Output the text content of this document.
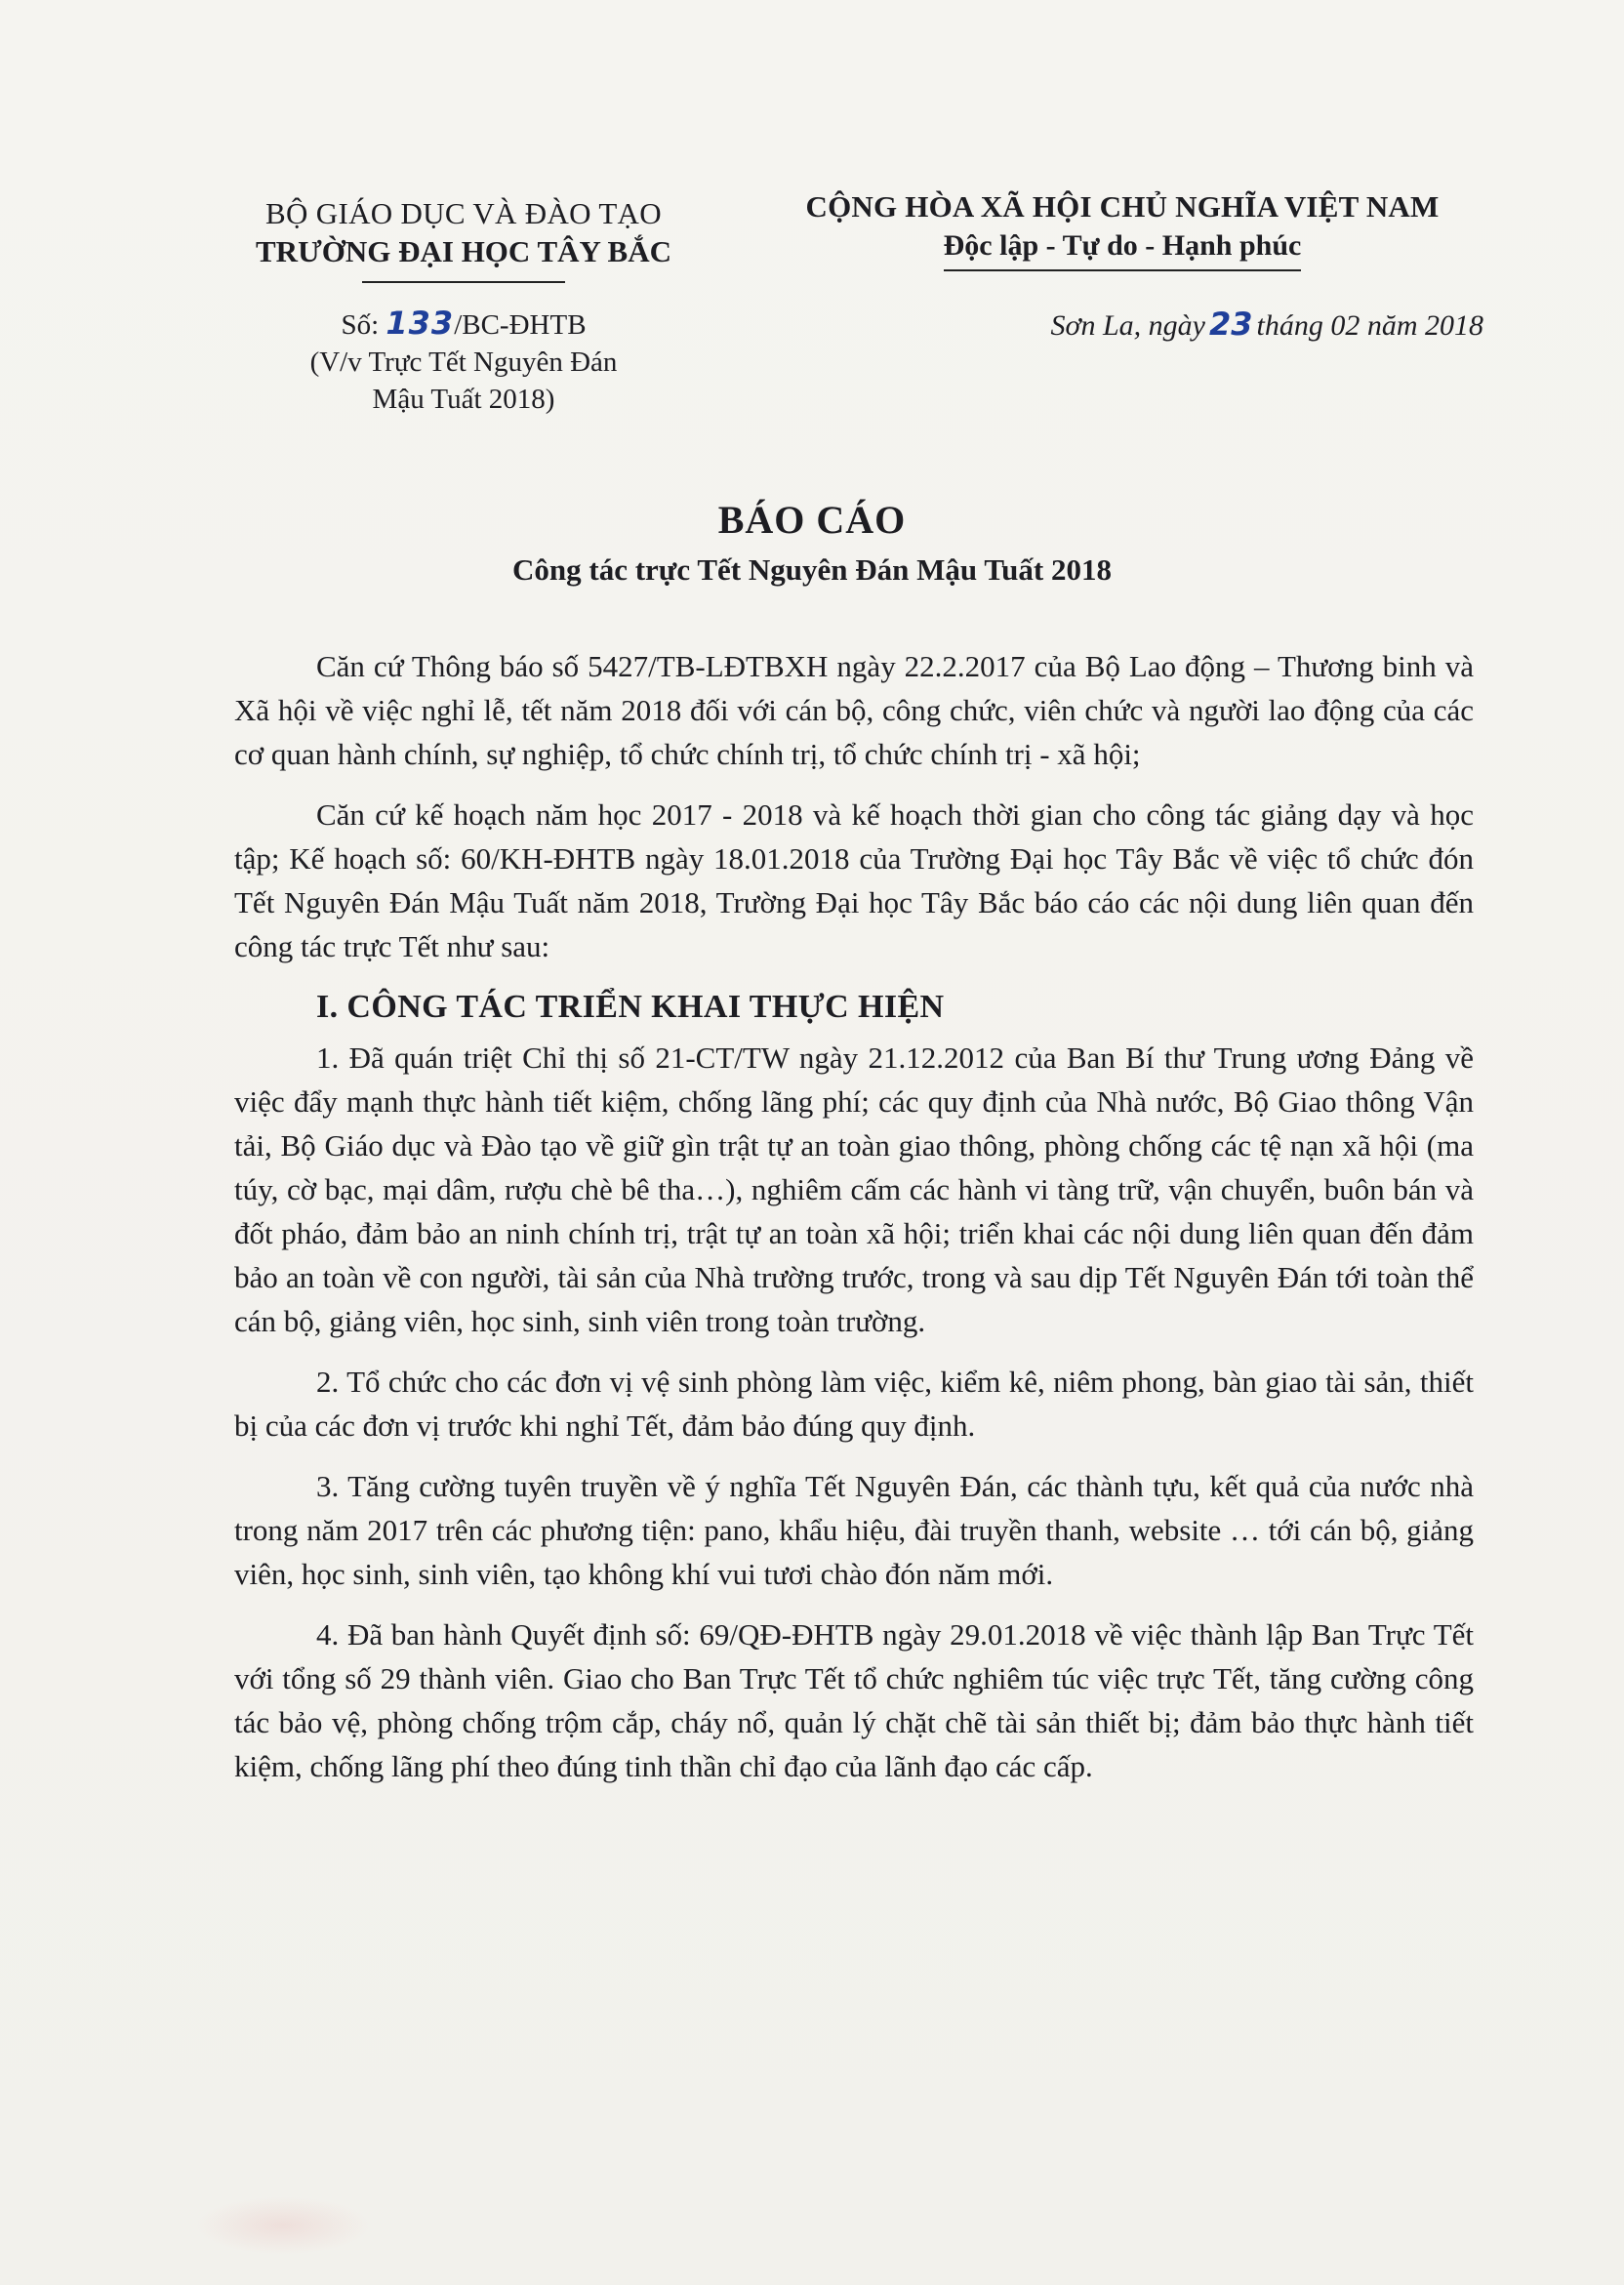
BỘ GIÁO DỤC VÀ ĐÀO TẠO
TRƯỜNG ĐẠI HỌC TÂY BẮC
Số: 133/BC-ĐHTB
(V/v Trực Tết Nguyên Đán
Mậu Tuất 2018)
CỘNG HÒA XÃ HỘI CHỦ NGHĨA VIỆT NAM
Độc lập - Tự do - Hạnh phúc
Sơn La, ngày 23 tháng 02 năm 2018
BÁO CÁO
Công tác trực Tết Nguyên Đán Mậu Tuất 2018

Căn cứ Thông báo số 5427/TB-LĐTBXH ngày 22.2.2017 của Bộ Lao động – Thương binh và Xã hội về việc nghỉ lễ, tết năm 2018 đối với cán bộ, công chức, viên chức và người lao động của các cơ quan hành chính, sự nghiệp, tổ chức chính trị, tổ chức chính trị - xã hội;

Căn cứ kế hoạch năm học 2017 - 2018 và kế hoạch thời gian cho công tác giảng dạy và học tập; Kế hoạch số: 60/KH-ĐHTB ngày 18.01.2018 của Trường Đại học Tây Bắc về việc tổ chức đón Tết Nguyên Đán Mậu Tuất năm 2018, Trường Đại học Tây Bắc báo cáo các nội dung liên quan đến công tác trực Tết như sau:

I. CÔNG TÁC TRIỂN KHAI THỰC HIỆN

1. Đã quán triệt Chỉ thị số 21-CT/TW ngày 21.12.2012 của Ban Bí thư Trung ương Đảng về việc đẩy mạnh thực hành tiết kiệm, chống lãng phí; các quy định của Nhà nước, Bộ Giao thông Vận tải, Bộ Giáo dục và Đào tạo về giữ gìn trật tự an toàn giao thông, phòng chống các tệ nạn xã hội (ma túy, cờ bạc, mại dâm, rượu chè bê tha…), nghiêm cấm các hành vi tàng trữ, vận chuyển, buôn bán và đốt pháo, đảm bảo an ninh chính trị, trật tự an toàn xã hội; triển khai các nội dung liên quan đến đảm bảo an toàn về con người, tài sản của Nhà trường trước, trong và sau dịp Tết Nguyên Đán tới toàn thể cán bộ, giảng viên, học sinh, sinh viên trong toàn trường.

2. Tổ chức cho các đơn vị vệ sinh phòng làm việc, kiểm kê, niêm phong, bàn giao tài sản, thiết bị của các đơn vị trước khi nghỉ Tết, đảm bảo đúng quy định.

3. Tăng cường tuyên truyền về ý nghĩa Tết Nguyên Đán, các thành tựu, kết quả của nước nhà trong năm 2017 trên các phương tiện: pano, khẩu hiệu, đài truyền thanh, website … tới cán bộ, giảng viên, học sinh, sinh viên, tạo không khí vui tươi chào đón năm mới.

4. Đã ban hành Quyết định số: 69/QĐ-ĐHTB ngày 29.01.2018 về việc thành lập Ban Trực Tết với tổng số 29 thành viên. Giao cho Ban Trực Tết tổ chức nghiêm túc việc trực Tết, tăng cường công tác bảo vệ, phòng chống trộm cắp, cháy nổ, quản lý chặt chẽ tài sản thiết bị; đảm bảo thực hành tiết kiệm, chống lãng phí theo đúng tinh thần chỉ đạo của lãnh đạo các cấp.
